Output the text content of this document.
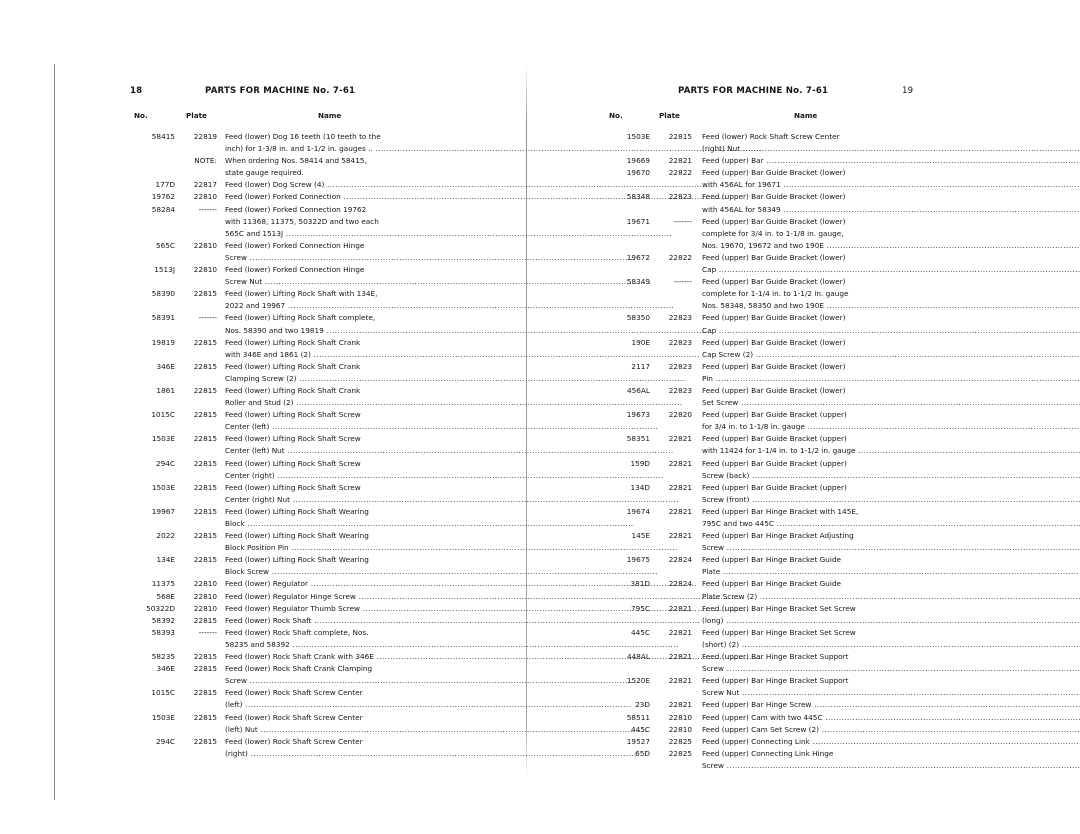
18	PARTS FOR MACHINE No. 7-61
No.	Plate	Name
58415	22819 Feed (lower) Dog 16 teeth (10 teeth to the
inch) for 1-3/8 in. and 1-1/2 in. gauges .. .....
NOTE: When ordering Nos. 58414 and 58415,
state gauge required.
177D	22817 Feed (lower) Dog Screw (4) .....
19762	22810 Feed (lower) Forked Connection .....
58284	------- Feed (lower) Forked Connection 19762
with 11368, 11375, 50322D and two each
565C and 1513J .....
565C	22810 Feed (lower) Forked Connection Hinge
Screw .....
1513J	22810 Feed (lower) Forked Connection Hinge
Screw Nut .....
58390	22815 Feed (lower) Lifting Rock Shaft with 134E,
2022 and 19967 .....
58391	------- Feed (lower) Lifting Rock Shaft complete,
Nos. 58390 and two 19819 .....
19819	22815 Feed (lower) Lifting Rock Shaft Crank
with 346E and 1861 (2) .....
346E	22815 Feed (lower) Lifting Rock Shaft Crank
Clamping Screw (2) .....
1861	22815 Feed (lower) Lifting Rock Shaft Crank
Roller and Stud (2) .....
1015C	22815 Feed (lower) Lifting Rock Shaft Screw
Center (left) .....
1503E	22815 Feed (lower) Lifting Rock Shaft Screw
Center (left) Nut .....
294C	22815 Feed (lower) Lifting Rock Shaft Screw
Center (right) .....
1503E	22815 Feed (lower) Lifting Rock Shaft Screw
Center (right) Nut .....
19967	22815 Feed (lower) Lifting Rock Shaft Wearing
Block .....
2022	22815 Feed (lower) Lifting Rock Shaft Wearing
Block Position Pin .....
134E	22815 Feed (lower) Lifting Rock Shaft Wearing
Block Screw .....
11375	22810 Feed (lower) Regulator .....
568E	22810 Feed (lower) Regulator Hinge Screw .....
50322D	22810 Feed (lower) Regulator Thumb Screw .....
58392	22815 Feed (lower) Rock Shaft .....
58393	------- Feed (lower) Rock Shaft complete, Nos.
58235 and 58392 .....
58235	22815 Feed (lower) Rock Shaft Crank with 346E .....
346E	22815 Feed (lower) Rock Shaft Crank Clamping
Screw .....
1015C	22815 Feed (lower) Rock Shaft Screw Center
(left) .....
1503E	22815 Feed (lower) Rock Shaft Screw Center
(left) Nut .....
294C	22815 Feed (lower) Rock Shaft Screw Center
(right) .....
PARTS FOR MACHINE No. 7-61	19
No.	Plate	Name
1503E	22815 Feed (lower) Rock Shaft Screw Center
(right) Nut .....
19669	22821 Feed (upper) Bar .....
19670	22822 Feed (upper) Bar Guide Bracket (lower)
with 456AL for 19671 .....
58348	22823 Feed (upper) Bar Guide Bracket (lower)
with 456AL for 58349 .....
19671	------- Feed (upper) Bar Guide Bracket (lower)
complete for 3/4 in. to 1-1/8 in. gauge,
Nos. 19670, 19672 and two 190E .....
19672	22822 Feed (upper) Bar Guide Bracket (lower)
Cap .....
58349	------- Feed (upper) Bar Guide Bracket (lower)
complete for 1-1/4 in. to 1-1/2 in. gauge
Nos. 58348, 58350 and two 190E .....
58350	22823 Feed (upper) Bar Guide Bracket (lower)
Cap .....
190E	22823 Feed (upper) Bar Guide Bracket (lower)
Cap Screw (2) .....
2117	22823 Feed (upper) Bar Guide Bracket (lower)
Pin .....
456AL	22823 Feed (upper) Bar Guide Bracket (lower)
Set Screw .....
19673	22820 Feed (upper) Bar Guide Bracket (upper)
for 3/4 in. to 1-1/8 in. gauge .....
58351	22821 Feed (upper) Bar Guide Bracket (upper)
with 11424 for 1-1/4 in. to 1-1/2 in. gauge .....
159D	22821 Feed (upper) Bar Guide Bracket (upper)
Screw (back) .....
134D	22821 Feed (upper) Bar Guide Bracket (upper)
Screw (front) .....
19674	22821 Feed (upper) Bar Hinge Bracket with 145E,
795C and two 445C .....
145E	22821 Feed (upper) Bar Hinge Bracket Adjusting
Screw .....
19675	22824 Feed (upper) Bar Hinge Bracket Guide
Plate .....
381D	22824 Feed (upper) Bar Hinge Bracket Guide
Plate Screw (2) .....
795C	22821 Feed (upper) Bar Hinge Bracket Set Screw
(long) .....
445C	22821 Feed (upper) Bar Hinge Bracket Set Screw
(short) (2) .....
448AL	22821 Feed (upper) Bar Hinge Bracket Support
Screw .....
1520E	22821 Feed (upper) Bar Hinge Bracket Support
Screw Nut .....
23D	22821 Feed (upper) Bar Hinge Screw .....
58511	22810 Feed (upper) Cam with two 445C .....
445C	22810 Feed (upper) Cam Set Screw (2) .....
19527	22825 Feed (upper) Connecting Link .....
65D	22825 Feed (upper) Connecting Link Hinge
Screw .....
